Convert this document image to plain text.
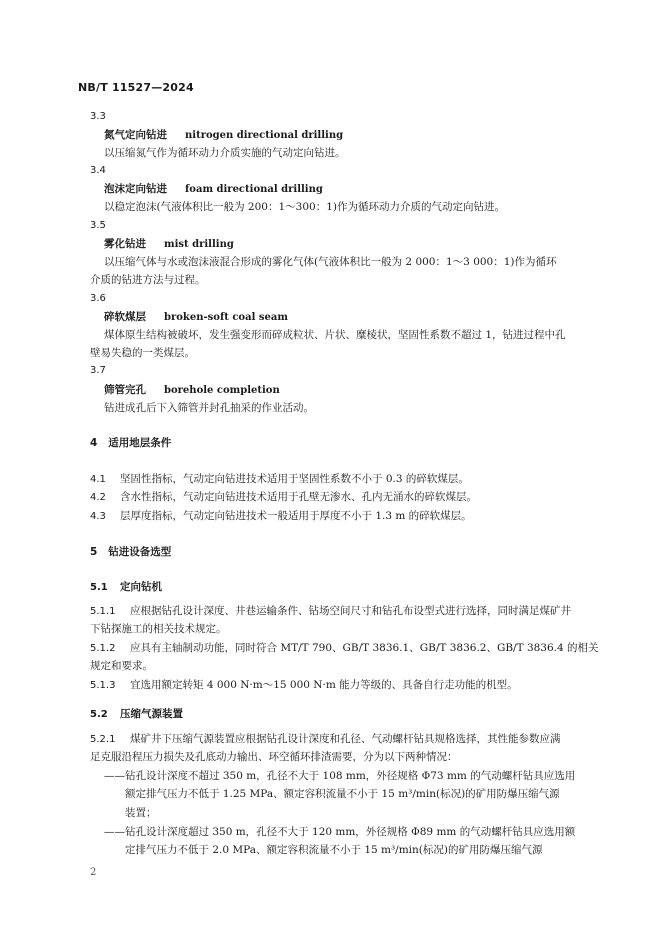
NB/T 11527—2024
3.3
氮气定向钻进 nitrogen directional drilling
以压缩氮气作为循环动力介质实施的气动定向钻进。
3.4
泡沫定向钻进 foam directional drilling
以稳定泡沫(气液体积比一般为 200：1～300：1)作为循环动力介质的气动定向钻进。
3.5
雾化钻进 mist drilling
以压缩气体与水或泡沫液混合形成的雾化气体(气液体积比一般为 2 000：1～3 000：1)作为循环
介质的钻进方法与过程。
3.6
碎软煤层 broken-soft coal seam
煤体原生结构被破坏，发生强变形而碎成粒状、片状、糜棱状，坚固性系数不超过 1，钻进过程中孔
壁易失稳的一类煤层。
3.7
筛管完孔 borehole completion
钻进成孔后下入筛管并封孔抽采的作业活动。
4   适用地层条件
4.1 坚固性指标，气动定向钻进技术适用于坚固性系数不小于 0.3 的碎软煤层。
4.2 含水性指标，气动定向钻进技术适用于孔壁无渗水、孔内无涌水的碎软煤层。
4.3 层厚度指标，气动定向钻进技术一般适用于厚度不小于 1.3 m 的碎软煤层。
5   钻进设备选型
5.1 定向钻机
5.1.1 应根据钻孔设计深度、井巷运输条件、钻场空间尺寸和钻孔布设型式进行选择，同时满足煤矿井
下钻探施工的相关技术规定。
5.1.2 应具有主轴制动功能，同时符合 MT/T 790、GB/T 3836.1、GB/T 3836.2、GB/T 3836.4 的相关
规定和要求。
5.1.3 宜选用额定转矩 4 000 N·m～15 000 N·m 能力等级的、具备自行走功能的机型。
5.2 压缩气源装置
5.2.1 煤矿井下压缩气源装置应根据钻孔设计深度和孔径、气动螺杆钻具规格选择，其性能参数应满
足克服沿程压力损失及孔底动力输出、环空循环排渣需要，分为以下两种情况：
——钻孔设计深度不超过 350 m，孔径不大于 108 mm，外径规格 Φ73 mm 的气动螺杆钻具应选用
额定排气压力不低于 1.25 MPa、额定容积流量不小于 15 m³/min(标况)的矿用防爆压缩气源
装置；
——钻孔设计深度超过 350 m，孔径不大于 120 mm，外径规格 Φ89 mm 的气动螺杆钻具应选用额
定排气压力不低于 2.0 MPa、额定容积流量不小于 15 m³/min(标况)的矿用防爆压缩气源
2
